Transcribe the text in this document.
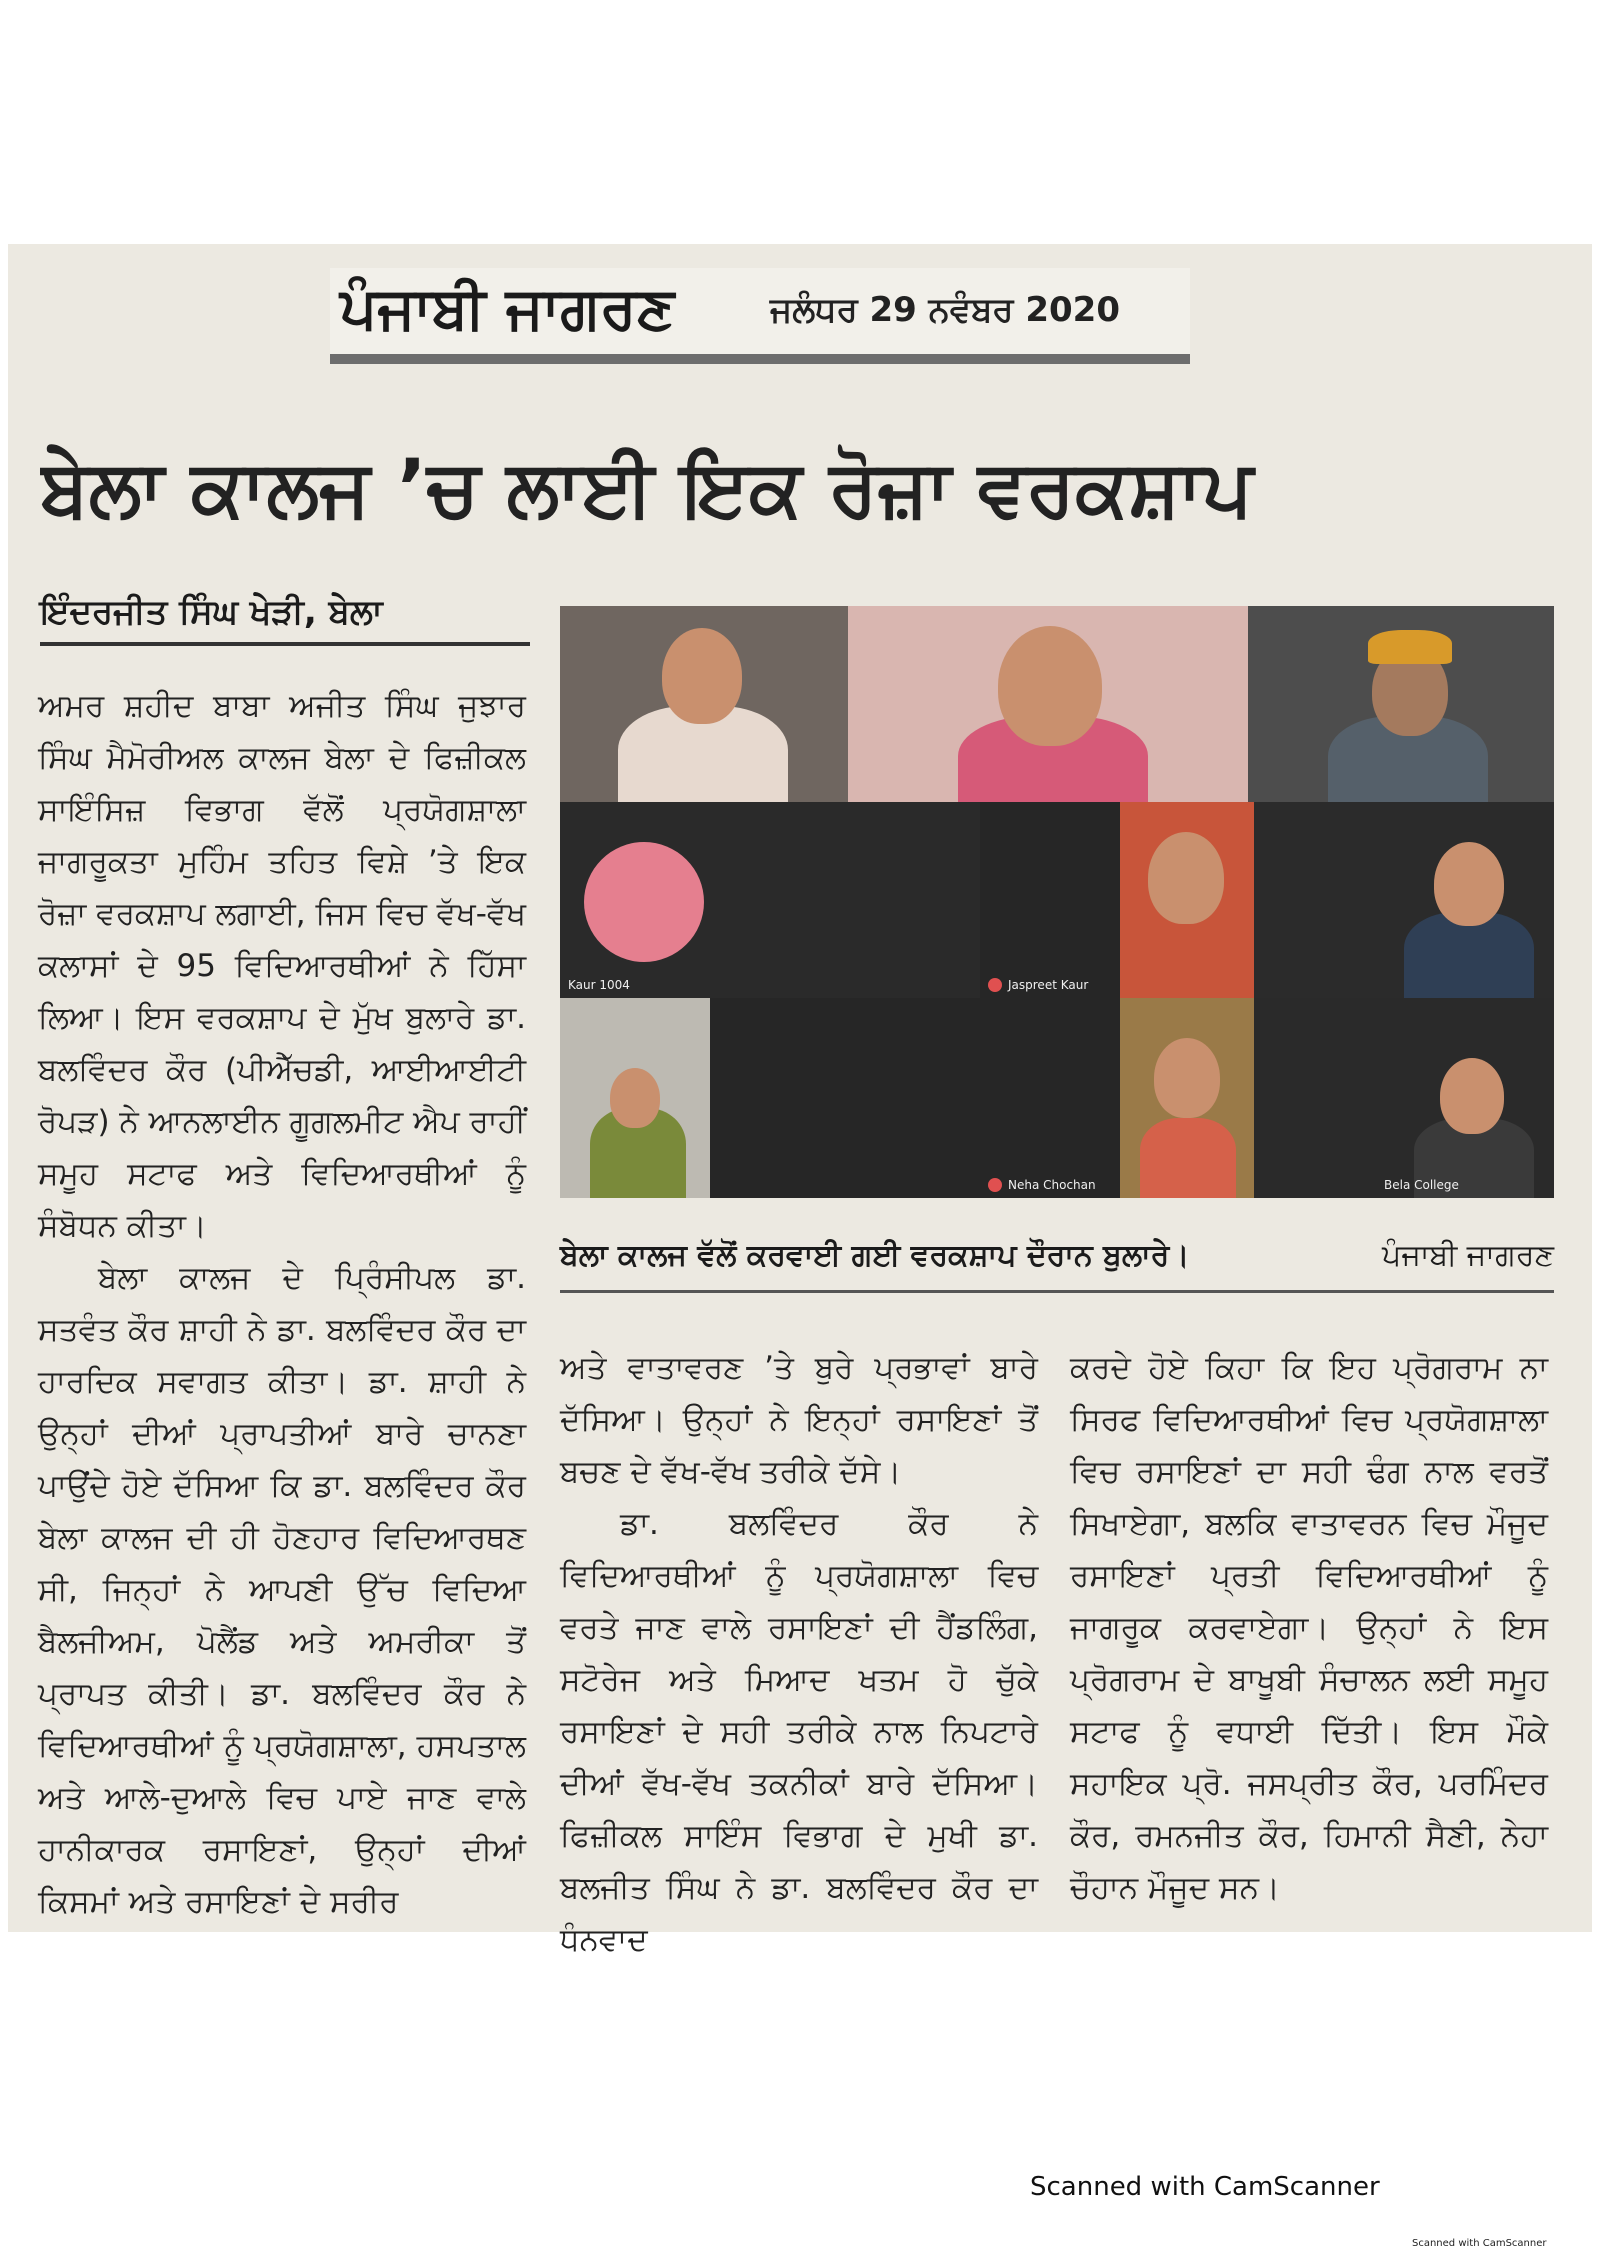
ਪੰਜਾਬੀ ਜਾਗਰਣ	ਜਲੰਧਰ 29 ਨਵੰਬਰ 2020
ਬੇਲਾ ਕਾਲਜ ’ਚ ਲਾਈ ਇਕ ਰੋਜ਼ਾ ਵਰਕਸ਼ਾਪ
ਇੰਦਰਜੀਤ ਸਿੰਘ ਖੇੜੀ, ਬੇਲਾ

ਅਮਰ ਸ਼ਹੀਦ ਬਾਬਾ ਅਜੀਤ ਸਿੰਘ ਜੁਝਾਰ ਸਿੰਘ ਮੈਮੋਰੀਅਲ ਕਾਲਜ ਬੇਲਾ ਦੇ ਫਿਜ਼ੀਕਲ ਸਾਇੰਸਿਜ਼ ਵਿਭਾਗ ਵੱਲੋਂ ਪ੍ਰਯੋਗਸ਼ਾਲਾ ਜਾਗਰੂਕਤਾ ਮੁਹਿੰਮ ਤਹਿਤ ਵਿਸ਼ੇ ’ਤੇ ਇਕ ਰੋਜ਼ਾ ਵਰਕਸ਼ਾਪ ਲਗਾਈ, ਜਿਸ ਵਿਚ ਵੱਖ-ਵੱਖ ਕਲਾਸਾਂ ਦੇ 95 ਵਿਦਿਆਰਥੀਆਂ ਨੇ ਹਿੱਸਾ ਲਿਆ। ਇਸ ਵਰਕਸ਼ਾਪ ਦੇ ਮੁੱਖ ਬੁਲਾਰੇ ਡਾ. ਬਲਵਿੰਦਰ ਕੌਰ (ਪੀਐੱਚਡੀ, ਆਈਆਈਟੀ ਰੋਪੜ) ਨੇ ਆਨਲਾਈਨ ਗੂਗਲਮੀਟ ਐਪ ਰਾਹੀਂ ਸਮੂਹ ਸਟਾਫ ਅਤੇ ਵਿਦਿਆਰਥੀਆਂ ਨੂੰ ਸੰਬੋਧਨ ਕੀਤਾ।

ਬੇਲਾ ਕਾਲਜ ਦੇ ਪ੍ਰਿੰਸੀਪਲ ਡਾ. ਸਤਵੰਤ ਕੌਰ ਸ਼ਾਹੀ ਨੇ ਡਾ. ਬਲਵਿੰਦਰ ਕੌਰ ਦਾ ਹਾਰਦਿਕ ਸਵਾਗਤ ਕੀਤਾ। ਡਾ. ਸ਼ਾਹੀ ਨੇ ਉਨ੍ਹਾਂ ਦੀਆਂ ਪ੍ਰਾਪਤੀਆਂ ਬਾਰੇ ਚਾਨਣਾ ਪਾਉਂਦੇ ਹੋਏ ਦੱਸਿਆ ਕਿ ਡਾ. ਬਲਵਿੰਦਰ ਕੌਰ ਬੇਲਾ ਕਾਲਜ ਦੀ ਹੀ ਹੋਣਹਾਰ ਵਿਦਿਆਰਥਣ ਸੀ, ਜਿਨ੍ਹਾਂ ਨੇ ਆਪਣੀ ਉੱਚ ਵਿਦਿਆ ਬੈਲਜੀਅਮ, ਪੋਲੈਂਡ ਅਤੇ ਅਮਰੀਕਾ ਤੋਂ ਪ੍ਰਾਪਤ ਕੀਤੀ। ਡਾ. ਬਲਵਿੰਦਰ ਕੌਰ ਨੇ ਵਿਦਿਆਰਥੀਆਂ ਨੂੰ ਪ੍ਰਯੋਗਸ਼ਾਲਾ, ਹਸਪਤਾਲ ਅਤੇ ਆਲੇ-ਦੁਆਲੇ ਵਿਚ ਪਾਏ ਜਾਣ ਵਾਲੇ ਹਾਨੀਕਾਰਕ ਰਸਾਇਣਾਂ, ਉਨ੍ਹਾਂ ਦੀਆਂ ਕਿਸਮਾਂ ਅਤੇ ਰਸਾਇਣਾਂ ਦੇ ਸਰੀਰ

Kaur 1004	Jaspreet Kaur
Neha Chochan	Bela College
ਬੇਲਾ ਕਾਲਜ ਵੱਲੋਂ ਕਰਵਾਈ ਗਈ ਵਰਕਸ਼ਾਪ ਦੌਰਾਨ ਬੁਲਾਰੇ।	ਪੰਜਾਬੀ ਜਾਗਰਣ

ਅਤੇ ਵਾਤਾਵਰਣ ’ਤੇ ਬੁਰੇ ਪ੍ਰਭਾਵਾਂ ਬਾਰੇ ਦੱਸਿਆ। ਉਨ੍ਹਾਂ ਨੇ ਇਨ੍ਹਾਂ ਰਸਾਇਣਾਂ ਤੋਂ ਬਚਣ ਦੇ ਵੱਖ-ਵੱਖ ਤਰੀਕੇ ਦੱਸੇ।

ਡਾ. ਬਲਵਿੰਦਰ ਕੌਰ ਨੇ ਵਿਦਿਆਰਥੀਆਂ ਨੂੰ ਪ੍ਰਯੋਗਸ਼ਾਲਾ ਵਿਚ ਵਰਤੇ ਜਾਣ ਵਾਲੇ ਰਸਾਇਣਾਂ ਦੀ ਹੈਂਡਲਿੰਗ, ਸਟੋਰੇਜ ਅਤੇ ਮਿਆਦ ਖਤਮ ਹੋ ਚੁੱਕੇ ਰਸਾਇਣਾਂ ਦੇ ਸਹੀ ਤਰੀਕੇ ਨਾਲ ਨਿਪਟਾਰੇ ਦੀਆਂ ਵੱਖ-ਵੱਖ ਤਕਨੀਕਾਂ ਬਾਰੇ ਦੱਸਿਆ। ਫਿਜ਼ੀਕਲ ਸਾਇੰਸ ਵਿਭਾਗ ਦੇ ਮੁਖੀ ਡਾ. ਬਲਜੀਤ ਸਿੰਘ ਨੇ ਡਾ. ਬਲਵਿੰਦਰ ਕੌਰ ਦਾ ਧੰਨਵਾਦ

ਕਰਦੇ ਹੋਏ ਕਿਹਾ ਕਿ ਇਹ ਪ੍ਰੋਗਰਾਮ ਨਾ ਸਿਰਫ ਵਿਦਿਆਰਥੀਆਂ ਵਿਚ ਪ੍ਰਯੋਗਸ਼ਾਲਾ ਵਿਚ ਰਸਾਇਣਾਂ ਦਾ ਸਹੀ ਢੰਗ ਨਾਲ ਵਰਤੋਂ ਸਿਖਾਏਗਾ, ਬਲਕਿ ਵਾਤਾਵਰਨ ਵਿਚ ਮੌਜੂਦ ਰਸਾਇਣਾਂ ਪ੍ਰਤੀ ਵਿਦਿਆਰਥੀਆਂ ਨੂੰ ਜਾਗਰੂਕ ਕਰਵਾਏਗਾ। ਉਨ੍ਹਾਂ ਨੇ ਇਸ ਪ੍ਰੋਗਰਾਮ ਦੇ ਬਾਖੂਬੀ ਸੰਚਾਲਨ ਲਈ ਸਮੂਹ ਸਟਾਫ ਨੂੰ ਵਧਾਈ ਦਿੱਤੀ। ਇਸ ਮੌਕੇ ਸਹਾਇਕ ਪ੍ਰੋ. ਜਸਪ੍ਰੀਤ ਕੌਰ, ਪਰਮਿੰਦਰ ਕੌਰ, ਰਮਨਜੀਤ ਕੌਰ, ਹਿਮਾਨੀ ਸੈਣੀ, ਨੇਹਾ ਚੌਹਾਨ ਮੌਜੂਦ ਸਨ।

Scanned with CamScanner
Scanned with CamScanner
